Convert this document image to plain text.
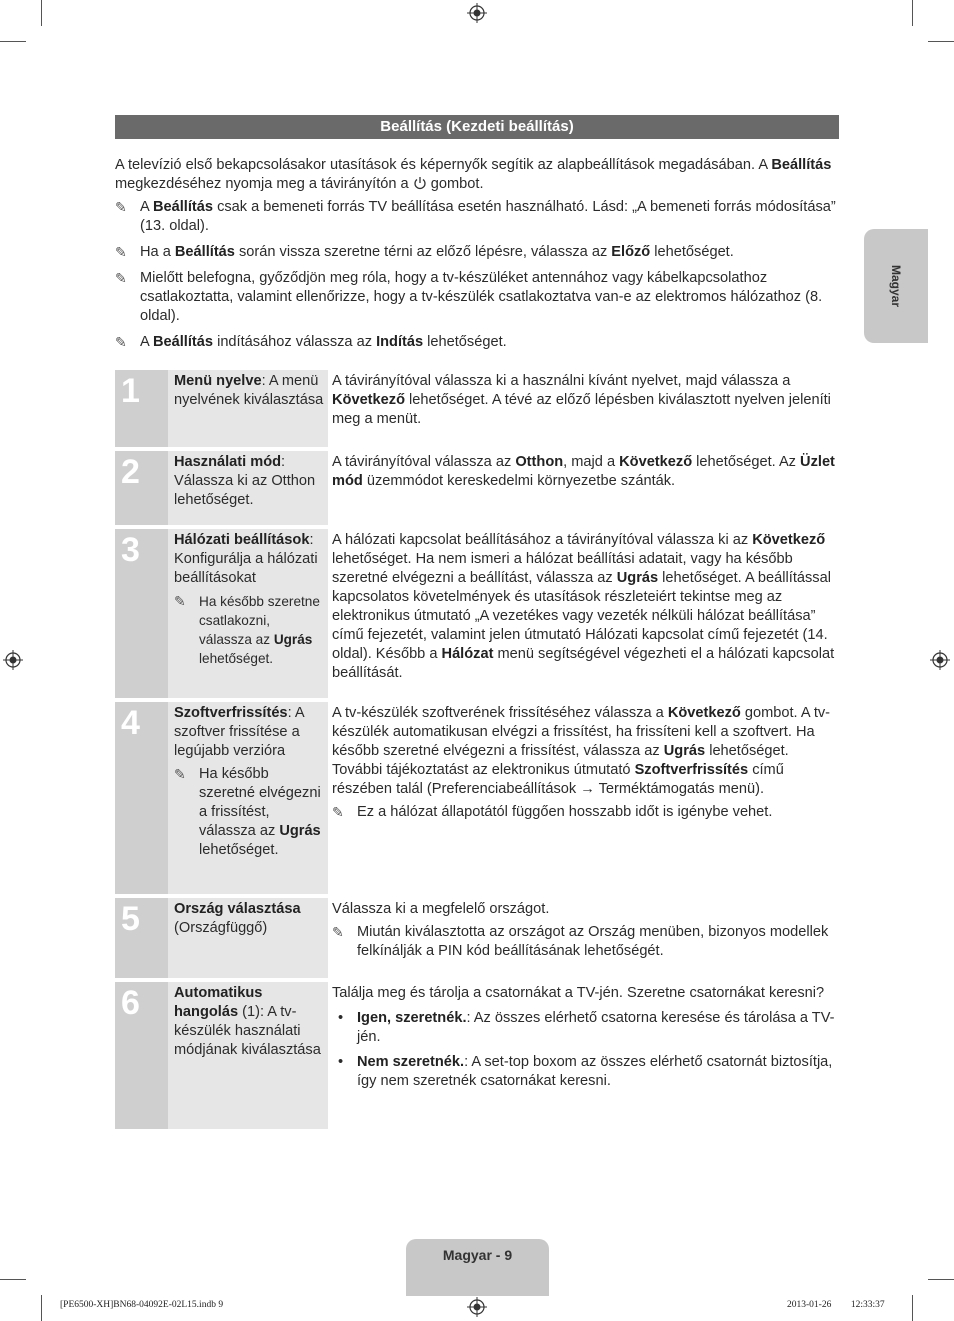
Beállítás (Kezdeti beállítás)
Magyar

A televízió első bekapcsolásakor utasítások és képernyők segítik az alapbeállítások megadásában. A Beállítás megkezdéséhez nyomja meg a távirányítón a  gombot.

✎ A Beállítás csak a bemeneti forrás TV beállítása esetén használható. Lásd: „A bemeneti forrás módosítása” (13. oldal).
✎ Ha a Beállítás során vissza szeretne térni az előző lépésre, válassza az Előző lehetőséget.
✎ Mielőtt belefogna, győződjön meg róla, hogy a tv-készüléket antennához vagy kábelkapcsolathoz csatlakoztatta, valamint ellenőrizze, hogy a tv-készülék csatlakoztatva van-e az elektromos hálózathoz (8. oldal).
✎ A Beállítás indításához válassza az Indítás lehetőséget.
1	Menü nyelve: A menü nyelvének kiválasztása

A távirányítóval válassza ki a használni kívánt nyelvet, majd válassza a Következő lehetőséget. A tévé az előző lépésben kiválasztott nyelven jeleníti meg a menüt.

2	Használati mód: Válassza ki az Otthon lehetőséget.

A távirányítóval válassza az Otthon, majd a Következő lehetőséget. Az Üzlet mód üzemmódot kereskedelmi környezetbe szánták.

3	Hálózati beállítások: Konfigurálja a hálózati beállításokat
✎ Ha később szeretne csatlakozni, válassza az Ugrás lehetőséget.

A hálózati kapcsolat beállításához a távirányítóval válassza ki az Következő lehetőséget. Ha nem ismeri a hálózat beállítási adatait, vagy ha később szeretné elvégezni a beállítást, válassza az Ugrás lehetőséget. A beállítással kapcsolatos követelmények és utasítások részleteiért tekintse meg az elektronikus útmutató „A vezetékes vagy vezeték nélküli hálózat beállítása” című fejezetét, valamint jelen útmutató Hálózati kapcsolat című fejezetét (14. oldal). Később a Hálózat menü segítségével végezheti el a hálózati kapcsolat beállítását.

4	Szoftverfrissítés: A szoftver frissítése a legújabb verzióra
✎ Ha később szeretné elvégezni a frissítést, válassza az Ugrás lehetőséget.

A tv-készülék szoftverének frissítéséhez válassza a Következő gombot. A tv-készülék automatikusan elvégzi a frissítést, ha frissíteni kell a szoftvert. Ha később szeretné elvégezni a frissítést, válassza az Ugrás lehetőséget. További tájékoztatást az elektronikus útmutató Szoftverfrissítés című részében talál (Preferenciabeállítások → Terméktámogatás menü).

✎ Ez a hálózat állapotától függően hosszabb időt is igénybe vehet.
5	Ország választása (Országfüggő)

Válassza ki a megfelelő országot.

✎ Miután kiválasztotta az országot az Ország menüben, bizonyos modellek felkínálják a PIN kód beállításának lehetőségét.
6	Automatikus hangolás (1): A tv-készülék használati módjának kiválasztása

Találja meg és tárolja a csatornákat a TV-jén. Szeretne csatornákat keresni?

• Igen, szeretnék.: Az összes elérhető csatorna keresése és tárolása a TV-jén.
• Nem szeretnék.: A set-top boxom az összes elérhető csatornát biztosítja, így nem szeretnék csatornákat keresni.
Magyar - 9
[PE6500-XH]BN68-04092E-02L15.indb 9	2013-01-26 ￿￿ 12:33:37
